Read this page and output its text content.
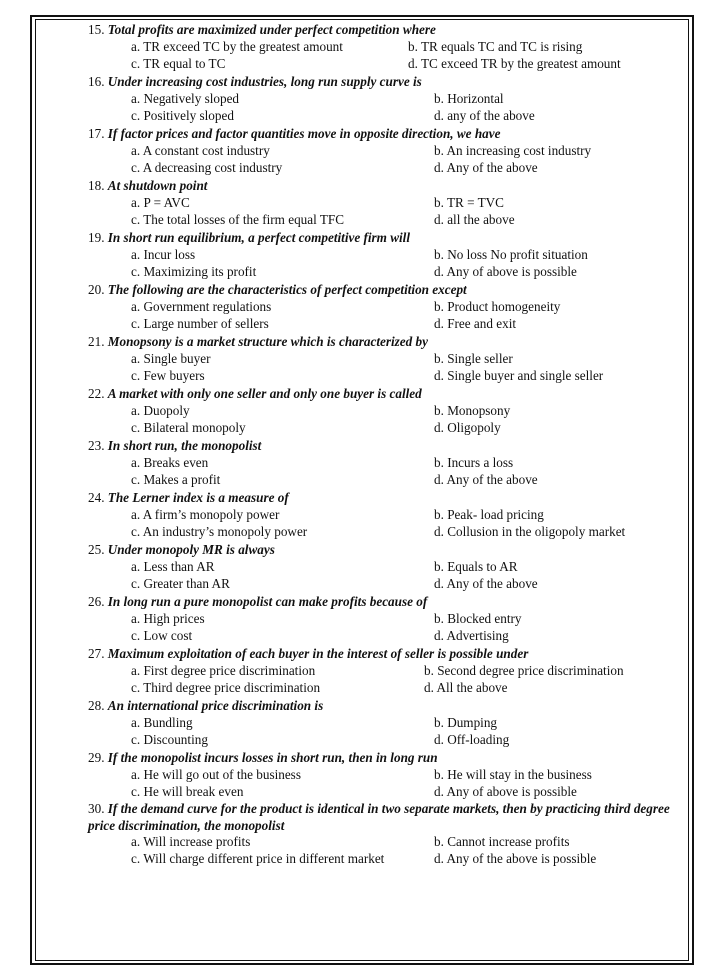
15. Total profits are maximized under perfect competition where
a. TR exceed TC by the greatest amount	b. TR equals TC and TC is rising
c. TR equal to TC	d. TC exceed TR by the greatest amount
16. Under increasing cost industries, long run supply curve is
a. Negatively sloped	b. Horizontal
c. Positively sloped	d. any of the above
17. If factor prices and factor quantities move in opposite direction, we have
a. A constant cost industry	b. An increasing cost industry
c. A decreasing cost industry	d. Any of the above
18. At shutdown point
a. P = AVC	b. TR = TVC
c. The total losses of the firm equal TFC	d. all the above
19. In short run equilibrium, a perfect competitive firm will
a. Incur loss	b. No loss No profit situation
c. Maximizing its profit	d. Any of above is possible
20. The following are the characteristics of perfect competition except
a. Government regulations	b. Product homogeneity
c. Large number of sellers	d. Free and exit
21. Monopsony is a market structure which is characterized by
a. Single buyer	b. Single seller
c. Few buyers	d. Single buyer and single seller
22. A market with only one seller and only one buyer is called
a. Duopoly	b. Monopsony
c. Bilateral monopoly	d. Oligopoly
23. In short run, the monopolist
a. Breaks even	b. Incurs a loss
c. Makes a profit	d. Any of the above
24. The Lerner index is a measure of
a. A firm’s monopoly power	b. Peak- load pricing
c. An industry’s monopoly power	d. Collusion in the oligopoly market
25. Under monopoly MR is always
a. Less than AR	b. Equals to AR
c. Greater than AR	d. Any of the above
26. In long run a pure monopolist can make profits because of
a. High prices	b. Blocked entry
c. Low cost	d. Advertising
27. Maximum exploitation of each buyer in the interest of seller is possible under
a. First degree price discrimination	b. Second degree price discrimination
c. Third degree price discrimination	d. All the above
28. An international price discrimination is
a. Bundling	b. Dumping
c. Discounting	d. Off-loading
29. If the monopolist incurs losses in short run, then in long run
a. He will go out of the business	b. He will stay in the business
c. He will break even	d. Any of above is possible
30. If the demand curve for the product is identical in two separate markets, then by practicing third degree price discrimination, the monopolist
a. Will increase profits	b. Cannot increase profits
c. Will charge different price in different market	d. Any of the above is possible
